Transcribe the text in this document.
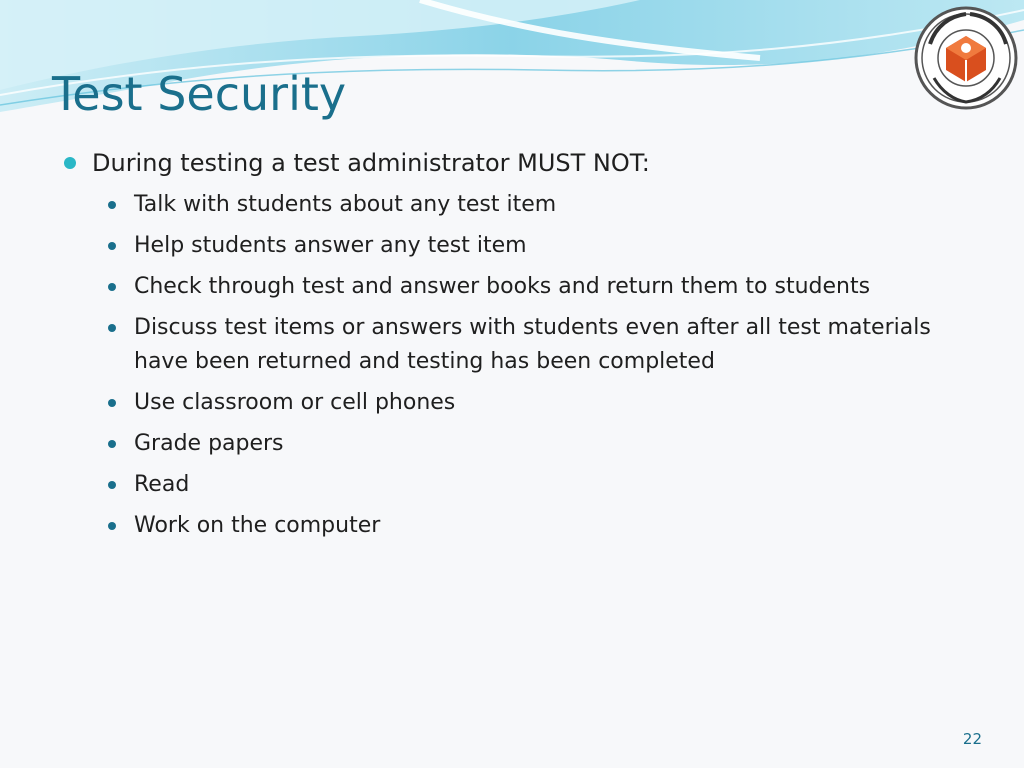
Test Security
During testing a test administrator MUST NOT:
Talk with students about any test item
Help students answer any test item
Check through test and answer books and return them to students
Discuss test items or answers with students even after all test materials have been returned and testing has been completed
Use classroom or cell phones
Grade papers
Read
Work on the computer
22
